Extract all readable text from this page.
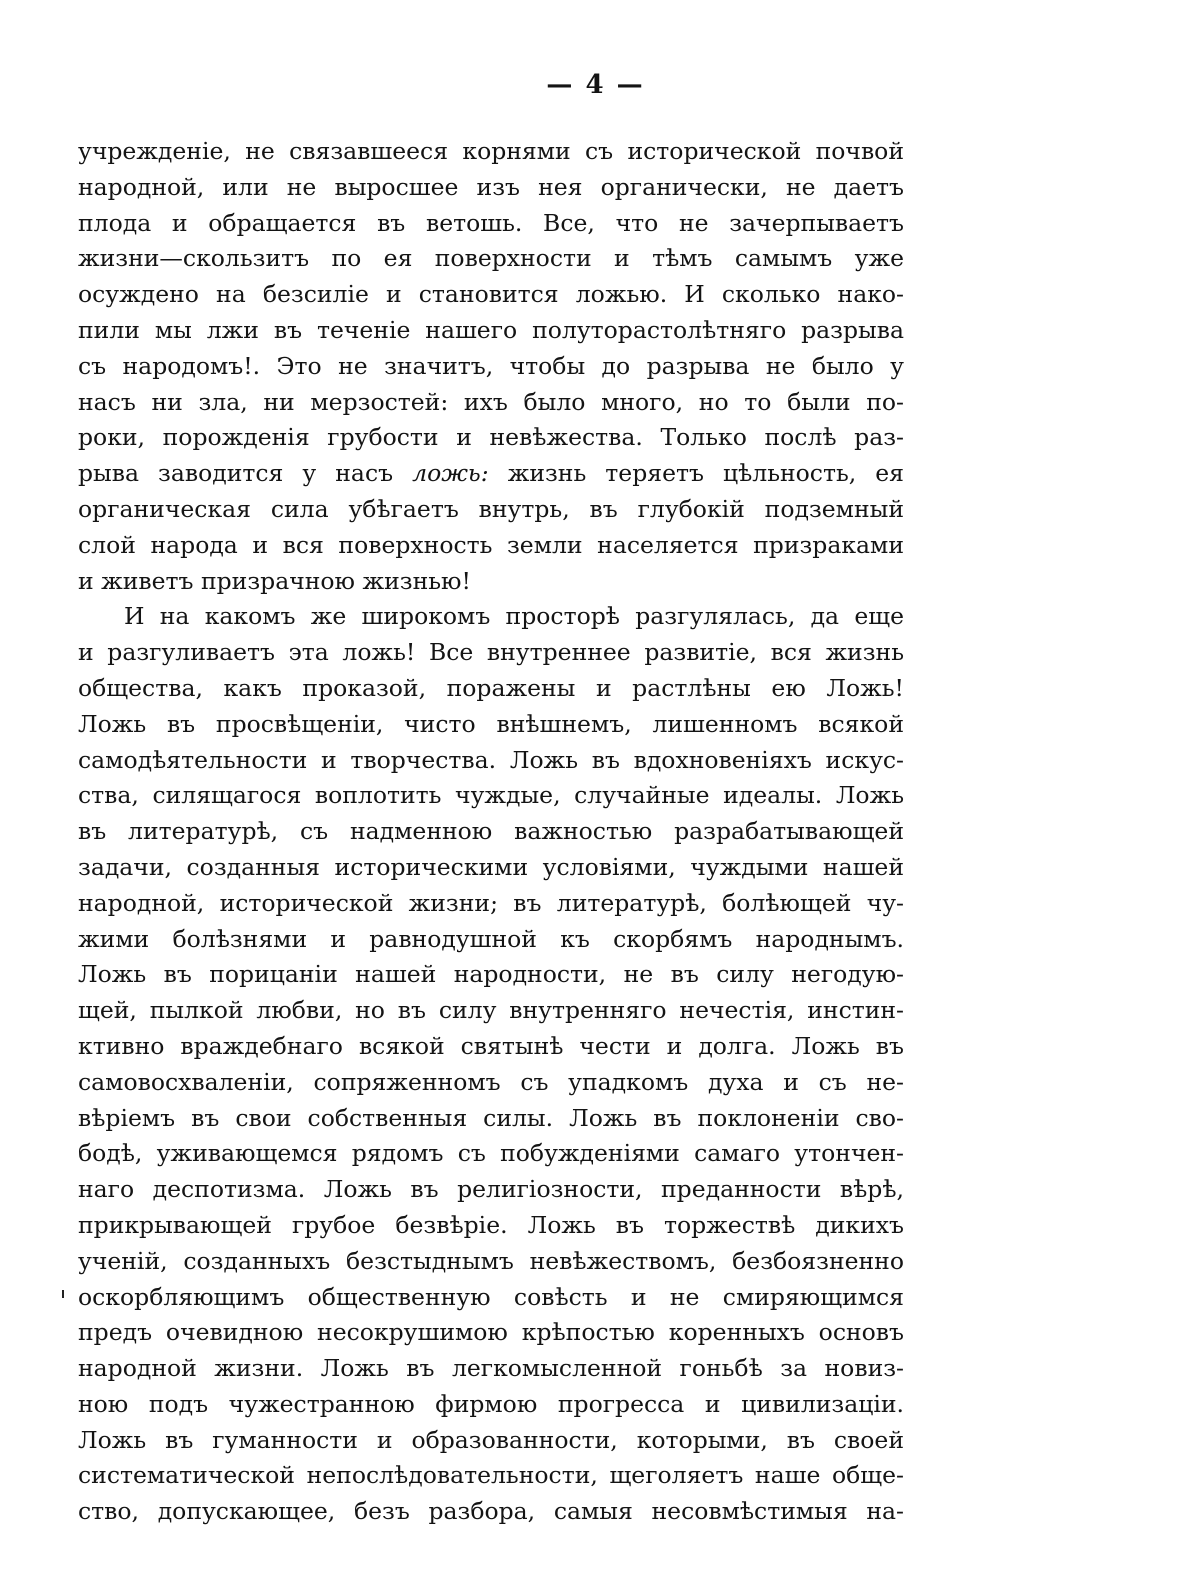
— 4 —
учрежденіе, не связавшееся корнями съ исторической почвой
народной, или не выросшее изъ нея органически, не даетъ
плода и обращается въ ветошь. Все, что не зачерпываетъ
жизни—скользитъ по ея поверхности и тѣмъ самымъ уже
осуждено на безсиліе и становится ложью. И сколько нако-
пили мы лжи въ теченіе нашего полуторастолѣтняго разрыва
съ народомъ!. Это не значитъ, чтобы до разрыва не было у
насъ ни зла, ни мерзостей: ихъ было много, но то были по-
роки, порожденія грубости и невѣжества. Только послѣ раз-
рыва заводится у насъ ложь: жизнь теряетъ цѣльность, ея
органическая сила убѣгаетъ внутрь, въ глубокій подземный
слой народа и вся поверхность земли населяется призраками
и живетъ призрачною жизнью!
И на какомъ же широкомъ просторѣ разгулялась, да еще
и разгуливаетъ эта ложь! Все внутреннее развитіе, вся жизнь
общества, какъ проказой, поражены и растлѣны ею Ложь!
Ложь въ просвѣщеніи, чисто внѣшнемъ, лишенномъ всякой
самодѣятельности и творчества. Ложь въ вдохновеніяхъ искус-
ства, силящагося воплотить чуждые, случайные идеалы. Ложь
въ литературѣ, съ надменною важностью разрабатывающей
задачи, созданныя историческими условіями, чуждыми нашей
народной, исторической жизни; въ литературѣ, болѣющей чу-
жими болѣзнями и равнодушной къ скорбямъ народнымъ.
Ложь въ порицаніи нашей народности, не въ силу негодую-
щей, пылкой любви, но въ силу внутренняго нечестія, инстин-
ктивно враждебнаго всякой святынѣ чести и долга. Ложь въ
самовосхваленіи, сопряженномъ съ упадкомъ духа и съ не-
вѣріемъ въ свои собственныя силы. Ложь въ поклоненіи сво-
бодѣ, уживающемся рядомъ съ побужденіями самаго утончен-
наго деспотизма. Ложь въ религіозности, преданности вѣрѣ,
прикрывающей грубое безвѣріе. Ложь въ торжествѣ дикихъ
ученій, созданныхъ безстыднымъ невѣжествомъ, безбоязненно
оскорбляющимъ общественную совѣсть и не смиряющимся
предъ очевидною несокрушимою крѣпостью коренныхъ основъ
народной жизни. Ложь въ легкомысленной гоньбѣ за новиз-
ною подъ чужестранною фирмою прогресса и цивилизаціи.
Ложь въ гуманности и образованности, которыми, въ своей
систематической непослѣдовательности, щеголяетъ наше обще-
ство, допускающее, безъ разбора, самыя несовмѣстимыя на-
